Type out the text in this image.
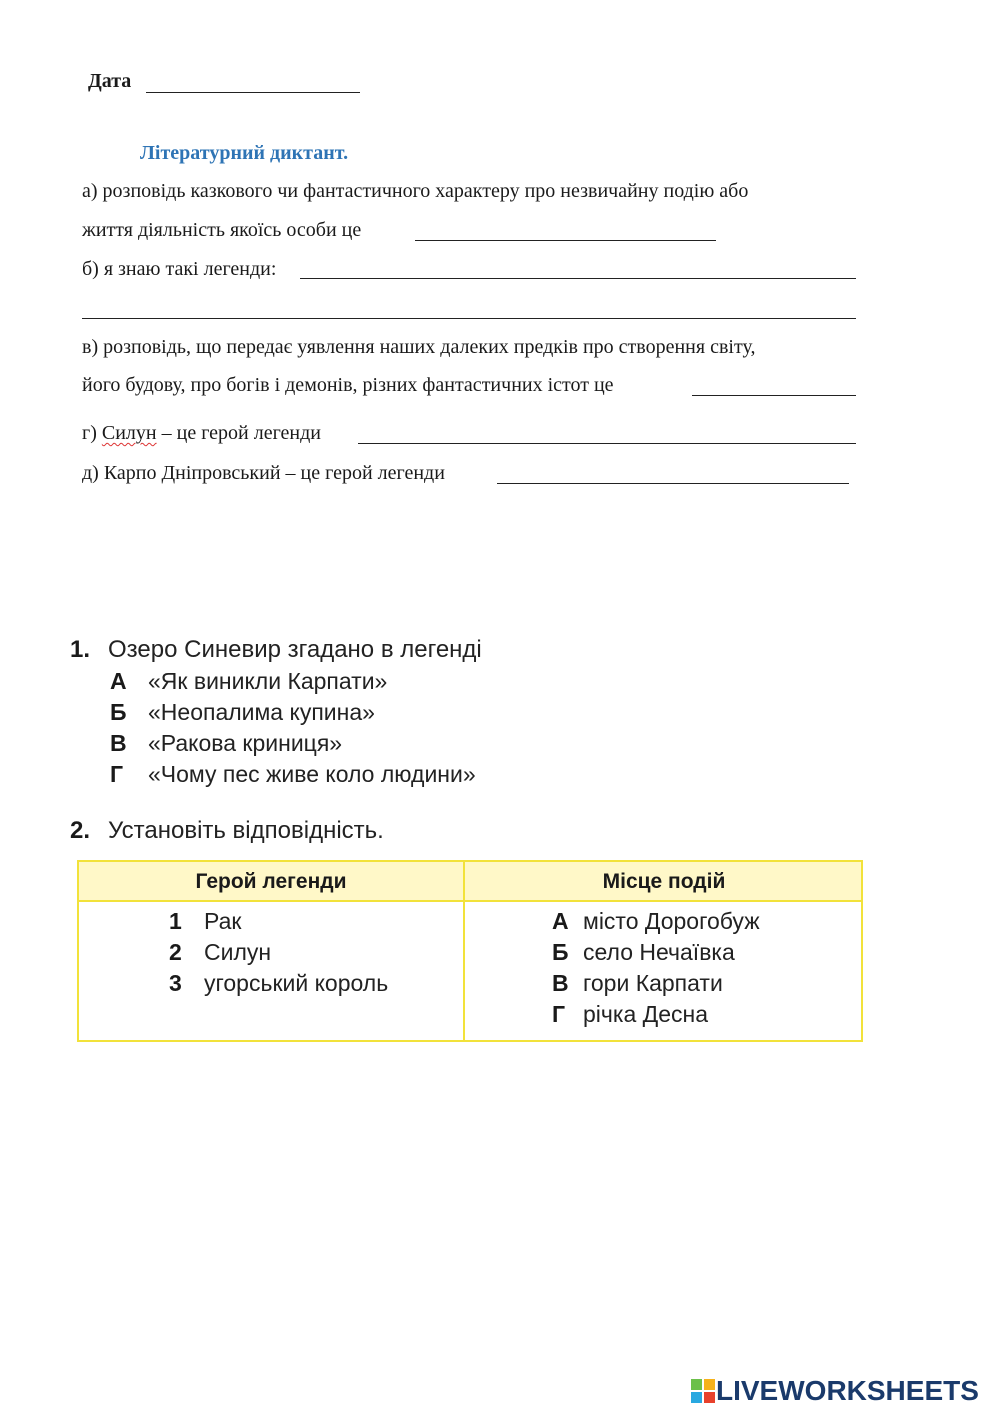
Дата
Літературний диктант.
а) розповідь казкового чи фантастичного характеру про незвичайну подію або
життя діяльність якоїсь особи це
б) я знаю такі легенди:
в) розповідь, що передає уявлення наших далеких предків про створення світу,
його будову, про богів і демонів, різних фантастичних істот це
г) Силун – це герой легенди
д) Карпо Дніпровський – це герой легенди
1. Озеро Синевир згадано в легенді
А «Як виникли Карпати»
Б «Неопалима купина»
В «Ракова криниця»
Г «Чому пес живе коло людини»
2. Установіть відповідність.
Герой легенди	Місце подій
1 Рак
2 Силун
3 угорський король
А місто Дорогобуж
Б село Нечаївка
В гори Карпати
Г річка Десна
LIVEWORKSHEETS
